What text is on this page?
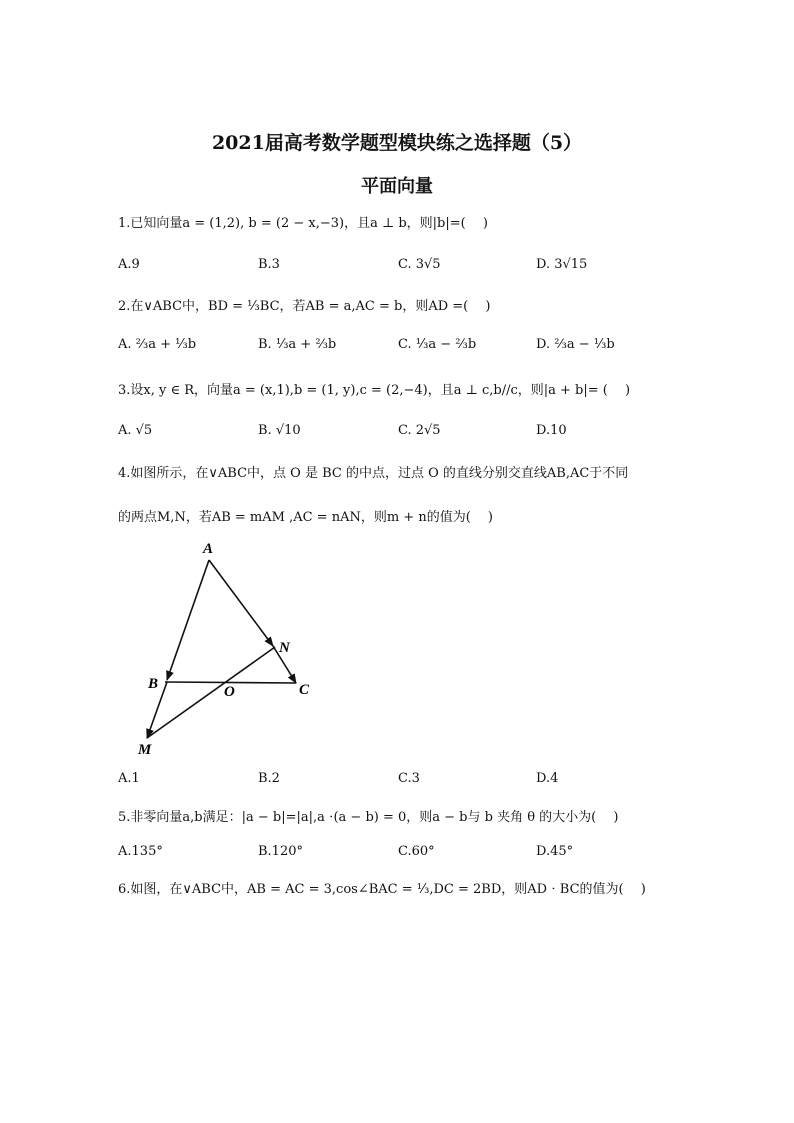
2021届高考数学题型模块练之选择题（5）
平面向量
1.已知向量a = (1,2), b = (2 − x,−3)，且a ⊥ b，则|b|=(　 )
A.9	B.3	C. 3√5	D. 3√15
2.在∨ABC中，BD = ⅓BC，若AB = a,AC = b，则AD =(　 )
A. ⅔a + ⅓b	B. ⅓a + ⅔b	C. ⅓a − ⅔b	D. ⅔a − ⅓b
3.设x, y ∈ R，向量a = (x,1),b = (1, y),c = (2,−4)，且a ⊥ c,b//c，则|a + b|= (　 )
A. √5	B. √10	C. 2√5	D.10
4.如图所示，在∨ABC中，点 O 是 BC 的中点，过点 O 的直线分别交直线AB,AC于不同
的两点M,N，若AB = mAM ,AC = nAN，则m + n的值为(　 )
A
B	C
N
O
M
A.1	B.2	C.3	D.4
5.非零向量a,b满足：|a − b|=|a|,a ⋅(a − b) = 0，则a − b与 b 夹角 θ 的大小为(　 )
A.135°	B.120°	C.60°	D.45°
6.如图，在∨ABC中，AB = AC = 3,cos∠BAC = ⅓,DC = 2BD，则AD ⋅ BC的值为(　 )
